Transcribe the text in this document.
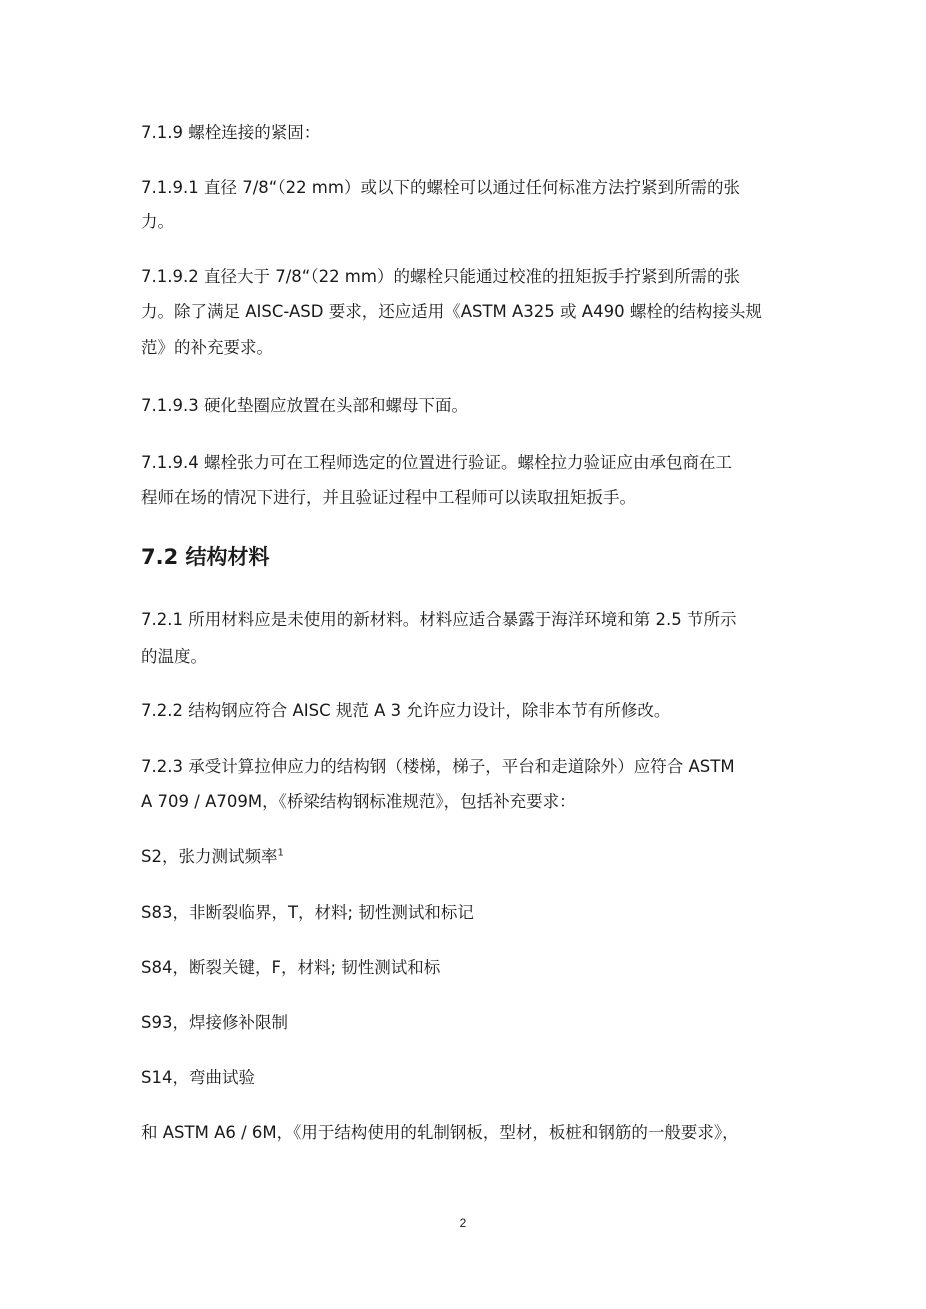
7.1.9 螺栓连接的紧固：

7.1.9.1 直径 7/8“（22 mm）或以下的螺栓可以通过任何标准方法拧紧到所需的张

力。

7.1.9.2 直径大于 7/8“（22 mm）的螺栓只能通过校准的扭矩扳手拧紧到所需的张

力。除了满足 AISC-ASD 要求，还应适用《ASTM A325 或 A490 螺栓的结构接头规

范》的补充要求。

7.1.9.3 硬化垫圈应放置在头部和螺母下面。

7.1.9.4 螺栓张力可在工程师选定的位置进行验证。螺栓拉力验证应由承包商在工

程师在场的情况下进行，并且验证过程中工程师可以读取扭矩扳手。

7.2 结构材料

7.2.1 所用材料应是未使用的新材料。材料应适合暴露于海洋环境和第 2.5 节所示

的温度。

7.2.2 结构钢应符合 AISC 规范 A 3 允许应力设计，除非本节有所修改。

7.2.3 承受计算拉伸应力的结构钢（楼梯，梯子，平台和走道除外）应符合 ASTM

A 709 / A709M，《桥梁结构钢标准规范》，包括补充要求：

S2，张力测试频率$^1$

S83，非断裂临界，T，材料; 韧性测试和标记

S84，断裂关键，F，材料; 韧性测试和标

S93，焊接修补限制

S14，弯曲试验

和 ASTM A6 / 6M，《用于结构使用的轧制钢板，型材，板桩和钢筋的一般要求》，

2
